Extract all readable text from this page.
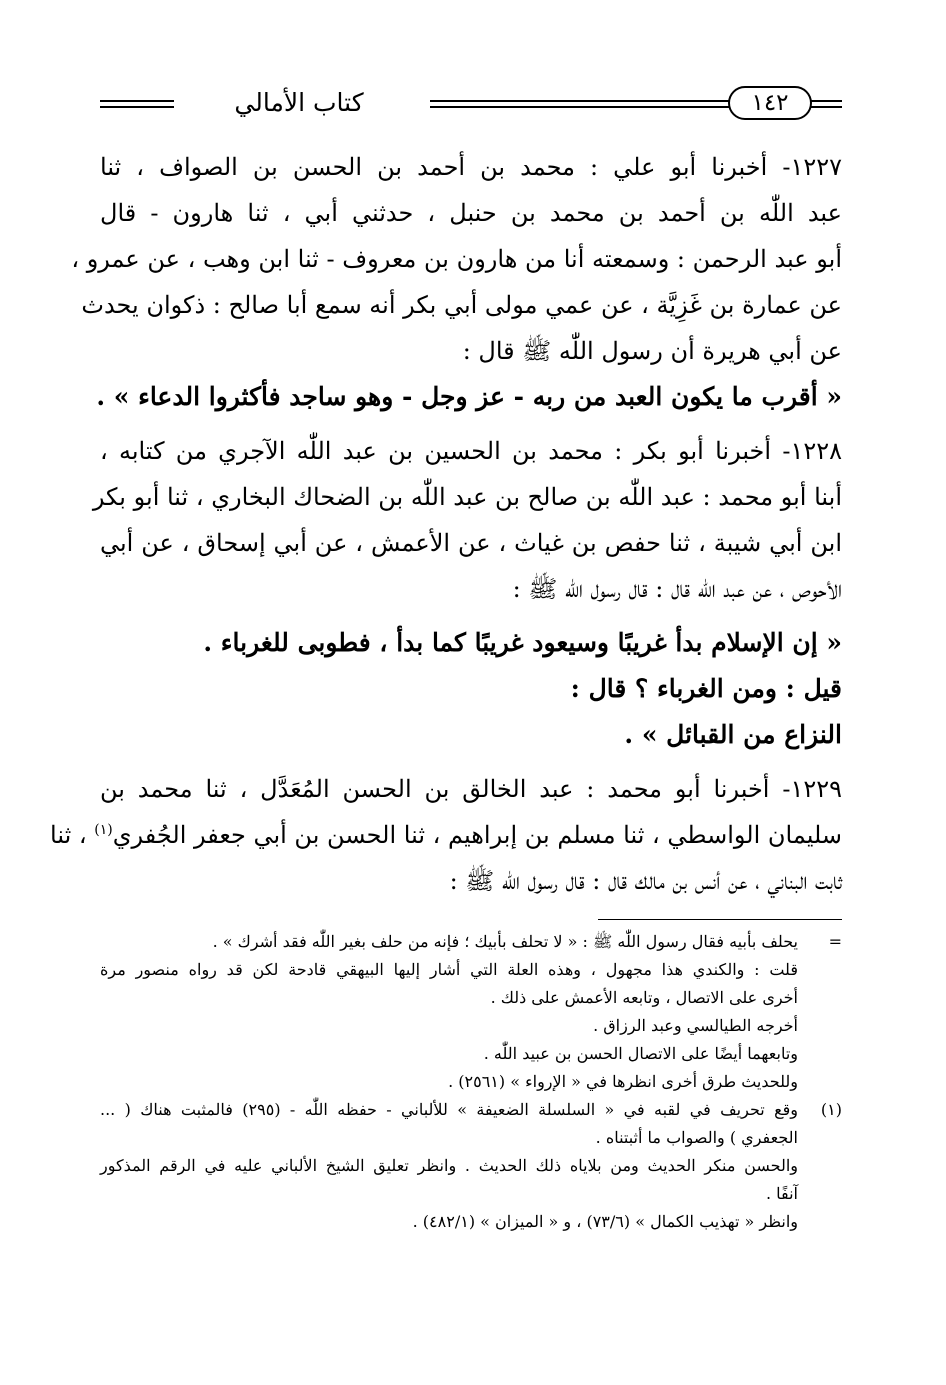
كتاب الأمالي	١٤٢
١٢٢٧- أخبرنا أبو علي : محمد بن أحمد بن الحسن بن الصواف ، ثنا
عبد اللّٰه بن أحمد بن محمد بن حنبل ، حدثني أبي ، ثنا هارون - قال
أبو عبد الرحمن : وسمعته أنا من هارون بن معروف - ثنا ابن وهب ، عن عمرو ،
عن عمارة بن غَزِيَّة ، عن عمي مولى أبي بكر أنه سمع أبا صالح : ذكوان يحدث
عن أبي هريرة أن رسول اللّٰه ﷺ قال :
« أقرب ما يكون العبد من ربه - عز وجل - وهو ساجد فأكثروا الدعاء » .
١٢٢٨- أخبرنا أبو بكر : محمد بن الحسين بن عبد اللّٰه الآجري من كتابه ،
أبنا أبو محمد : عبد اللّٰه بن صالح بن عبد اللّٰه بن الضحاك البخاري ، ثنا أبو بكر
ابن أبي شيبة ، ثنا حفص بن غياث ، عن الأعمش ، عن أبي إسحاق ، عن أبي
الأحوص ، عن عبد اللّٰه قال : قال رسول اللّٰه ﷺ :
« إن الإسلام بدأ غريبًا وسيعود غريبًا كما بدأ ، فطوبى للغرباء .
قيل : ومن الغرباء ؟ قال :
النزاع من القبائل » .
١٢٢٩- أخبرنا أبو محمد : عبد الخالق بن الحسن المُعَدَّل ، ثنا محمد بن
سليمان الواسطي ، ثنا مسلم بن إبراهيم ، ثنا الحسن بن أبي جعفر الجُفري$^{(١)}$ ، ثنا
ثابت البناني ، عن أنس بن مالك قال : قال رسول اللّٰه ﷺ :
=
يحلف بأبيه فقال رسول اللّٰه ﷺ : « لا تحلف بأبيك ؛ فإنه من حلف بغير اللّٰه فقد أشرك » .
قلت : والكندي هذا مجهول ، وهذه العلة التي أشار إليها البيهقي قادحة لكن قد رواه منصور مرة
أخرى على الاتصال ، وتابعه الأعمش على ذلك .
أخرجه الطيالسي وعبد الرزاق .
وتابعهما أيضًا على الاتصال الحسن بن عبيد اللّٰه .
وللحديث طرق أخرى انظرها في « الإرواء » (٢٥٦١) .
(١)
وقع تحريف في لقبه في « السلسلة الضعيفة » للألباني - حفظه اللّٰه - (٢٩٥) فالمثبت هناك ( ...
الجعفري ) والصواب ما أثبتناه .
والحسن منكر الحديث ومن بلاياه ذلك الحديث . وانظر تعليق الشيخ الألباني عليه في الرقم المذكور
آنفًا .
وانظر « تهذيب الكمال » (٧٣/٦) ، و « الميزان » (٤٨٢/١) .
